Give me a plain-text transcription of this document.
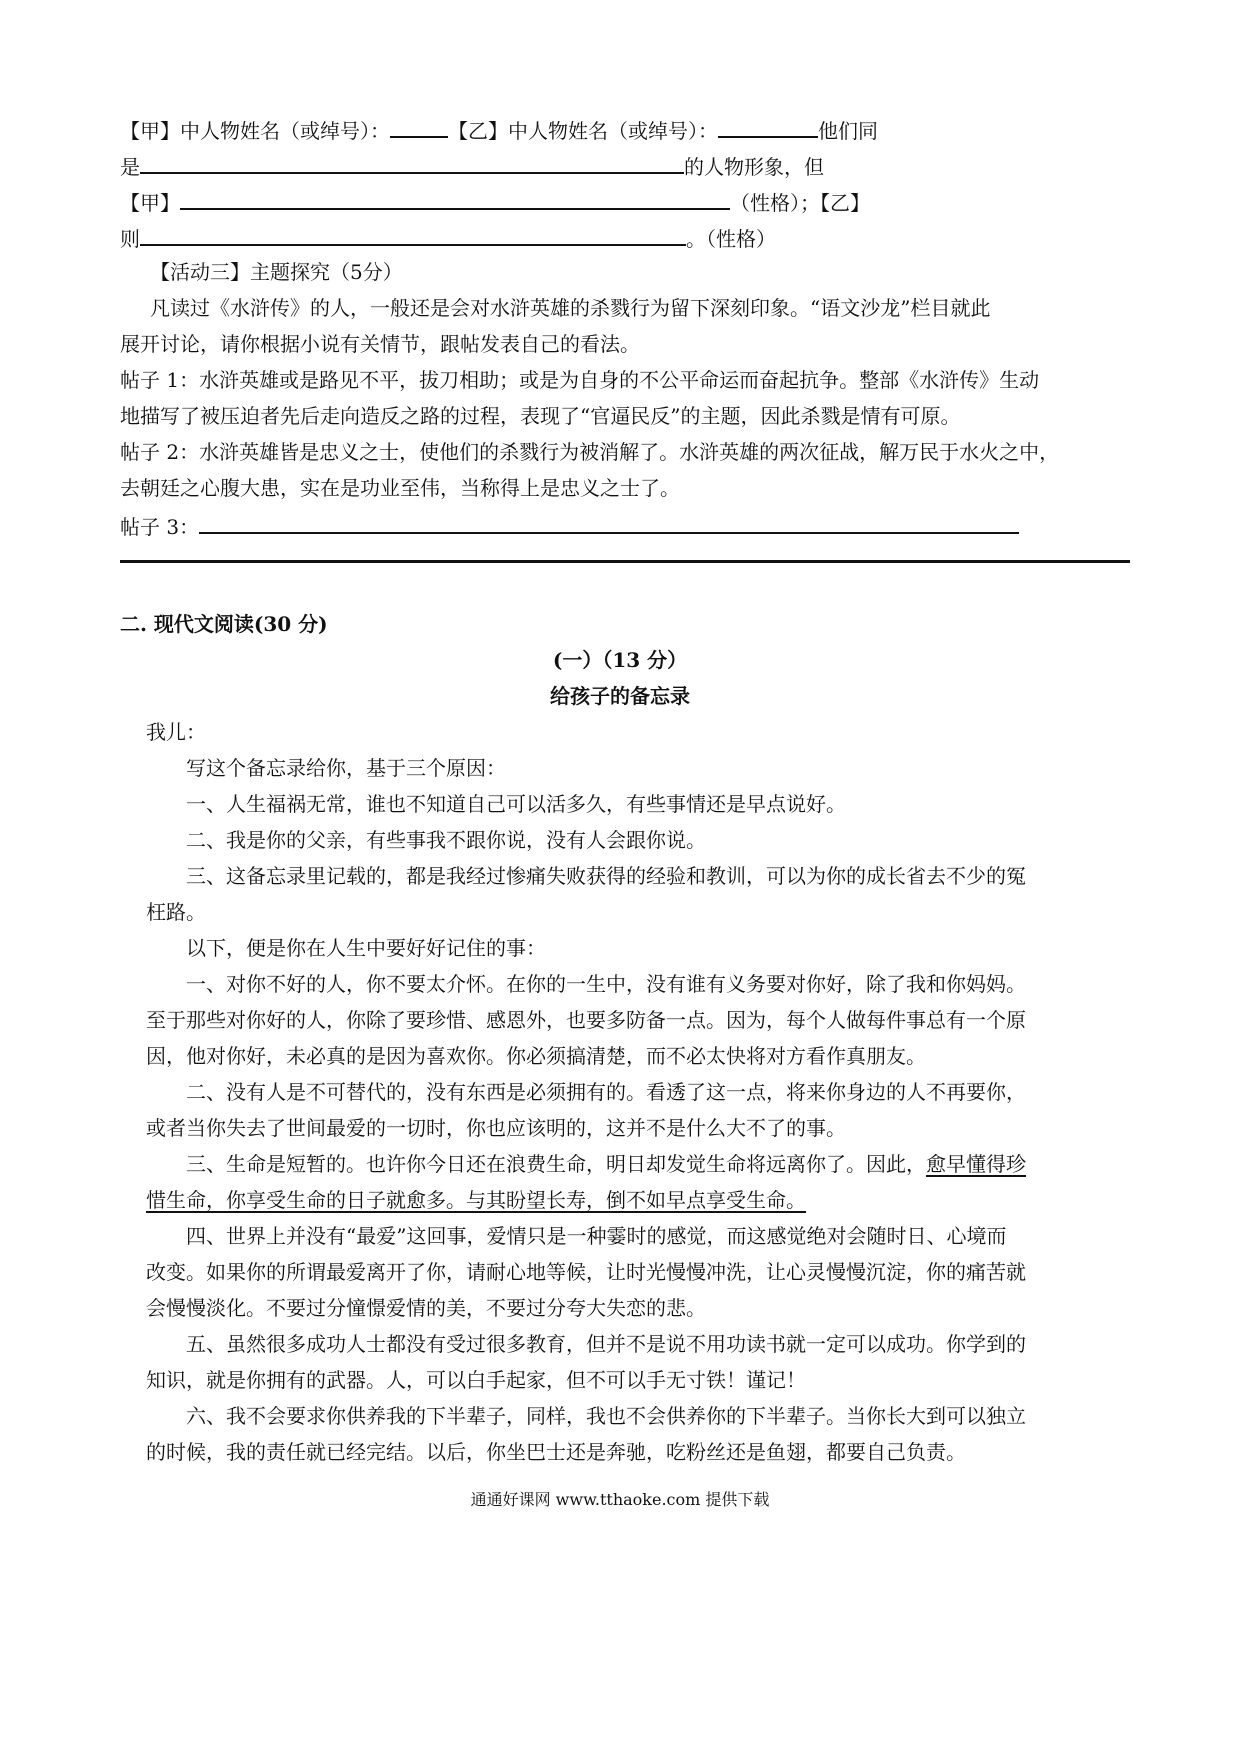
【甲】中人物姓名（或绰号）：	【乙】中人物姓名（或绰号）：	他们同
是	的人物形象，但
【甲】	（性格）；【乙】
则	。（性格）
【活动三】主题探究（5分）
凡读过《水浒传》的人，一般还是会对水浒英雄的杀戮行为留下深刻印象。“语文沙龙”栏目就此
展开讨论，请你根据小说有关情节，跟帖发表自己的看法。
帖子 1：水浒英雄或是路见不平，拔刀相助；或是为自身的不公平命运而奋起抗争。整部《水浒传》生动
地描写了被压迫者先后走向造反之路的过程，表现了“官逼民反”的主题，因此杀戮是情有可原。
帖子 2：水浒英雄皆是忠义之士，使他们的杀戮行为被消解了。水浒英雄的两次征战，解万民于水火之中，
去朝廷之心腹大患，实在是功业至伟，当称得上是忠义之士了。
帖子 3：
二. 现代文阅读(30 分)
(一）（13 分）
给孩子的备忘录
我儿：
写这个备忘录给你，基于三个原因：
一、人生福祸无常，谁也不知道自己可以活多久，有些事情还是早点说好。
二、我是你的父亲，有些事我不跟你说，没有人会跟你说。
三、这备忘录里记载的，都是我经过惨痛失败获得的经验和教训，可以为你的成长省去不少的冤
枉路。
以下，便是你在人生中要好好记住的事：
一、对你不好的人，你不要太介怀。在你的一生中，没有谁有义务要对你好，除了我和你妈妈。
至于那些对你好的人，你除了要珍惜、感恩外，也要多防备一点。因为，每个人做每件事总有一个原
因，他对你好，未必真的是因为喜欢你。你必须搞清楚，而不必太快将对方看作真朋友。
二、没有人是不可替代的，没有东西是必须拥有的。看透了这一点，将来你身边的人不再要你，
或者当你失去了世间最爱的一切时，你也应该明的，这并不是什么大不了的事。
三、生命是短暂的。也许你今日还在浪费生命，明日却发觉生命将远离你了。因此，愈早懂得珍
惜生命，你享受生命的日子就愈多。与其盼望长寿，倒不如早点享受生命。
四、世界上并没有“最爱”这回事，爱情只是一种霎时的感觉，而这感觉绝对会随时日、心境而
改变。如果你的所谓最爱离开了你，请耐心地等候，让时光慢慢冲洗，让心灵慢慢沉淀，你的痛苦就
会慢慢淡化。不要过分憧憬爱情的美，不要过分夸大失恋的悲。
五、虽然很多成功人士都没有受过很多教育，但并不是说不用功读书就一定可以成功。你学到的
知识，就是你拥有的武器。人，可以白手起家，但不可以手无寸铁！谨记！
六、我不会要求你供养我的下半辈子，同样，我也不会供养你的下半辈子。当你长大到可以独立
的时候，我的责任就已经完结。以后，你坐巴士还是奔驰，吃粉丝还是鱼翅，都要自己负责。
通通好课网 www.tthaoke.com 提供下载
